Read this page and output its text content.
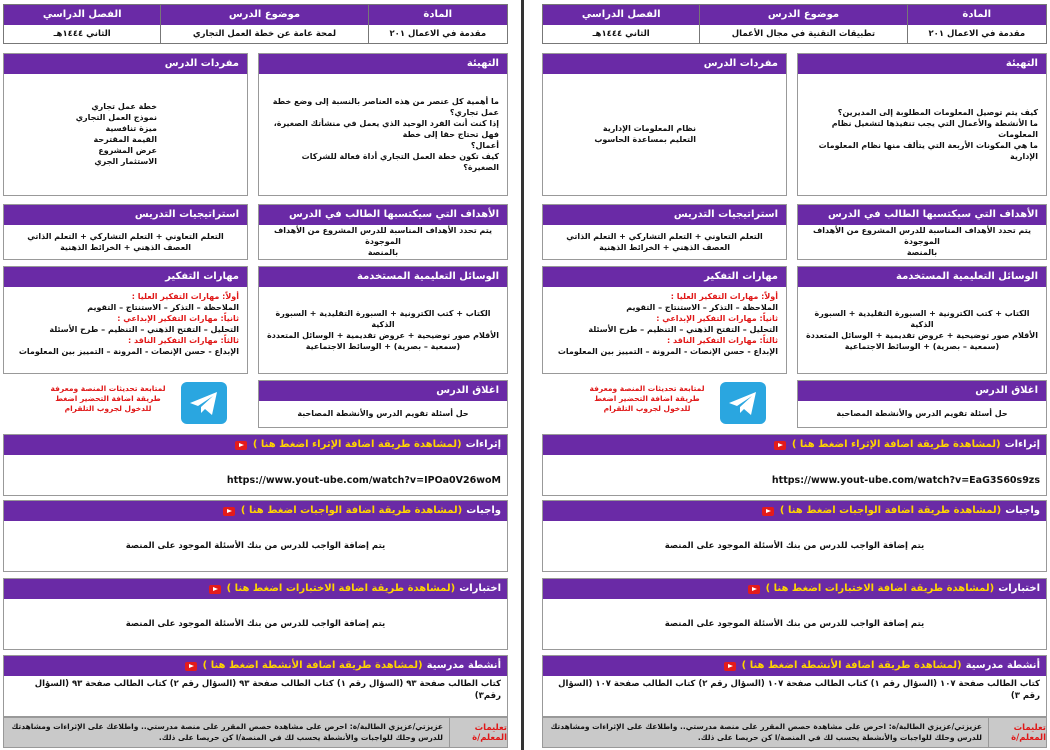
المادة
مقدمة في الاعمال ٢٠١
موضوع الدرس
لمحة عامة عن خطة العمل التجاري
الفصل الدراسي
الثاني ١٤٤٤هـ
التهيئة
ما أهمية كل عنصر من هذه العناصر بالنسبة إلى وضع خطة عمل تجاري؟
إذا كنت أنت الفرد الوحيد الذي يعمل في منشأتك الصغيرة، فهل تحتاج حقا إلى خطة
أعمال؟
كيف تكون خطة العمل التجاري أداة فعالة للشركات الصغيرة؟
مفردات الدرس
خطة عمل تجاري
نموذج العمل التجاري
ميزة تنافسية
القيمة المقترحة
عرض المشروع
الاستثمار الجري
الأهداف التي سيكتسبها الطالب في الدرس
يتم تحدد الأهداف المناسبة للدرس المشروع من الأهداف الموجودة
بالمنصة
استراتيجيات التدريس
التعلم التعاوني + التعلم التشاركي + التعلم الذاتي
العصف الذهني + الخرائط الذهنية
الوسائل التعليمية المستخدمة
الكتاب + كتب الكترونية + السبورة التقليدية + السبورة الذكية
الأقلام صور توضيحية + عروض تقديمية + الوسائل المتعددة
(سمعية – بصرية) + الوسائط الاجتماعية
مهارات التفكير
أولاً: مهارات التفكير العليا :
الملاحظة – التذكر – الاستنتاج – التقويم
ثانياً: مهارات التفكير الإبداعي :
التحليل – التفتح الذهني – التنظيم – طرح الأسئلة
ثالثاً: مهارات التفكير الناقد :
الإبداع - حسن الإنصات - المرونة – التمييز بين المعلومات
اغلاق الدرس
حل أسئلة تقويم الدرس والأنشطة المصاحبة
لمتابعة تحديثات المنصة ومعرفة طريقة اضافة التحضير اضغط للدخول لجروب التلقرام
إثراءات
(لمشاهدة طريقة اضافة الإثراء اضغط هنا )
https://www.yout-ube.com/watch?v=IPOa0V26woM
واجبات
(لمشاهدة طريقة اضافة الواجبات اضغط هنا )
يتم إضافة الواجب للدرس من بنك الأسئلة الموجود على المنصة
اختبارات
(لمشاهدة طريقة اضافة الاختبارات اضغط هنا )
يتم إضافة الواجب للدرس من بنك الأسئلة الموجود على المنصة
أنشطة مدرسية
(لمشاهدة طريقة اضافة الأنشطة اضغط هنا )
كتاب الطالب صفحة ٩٣ (السؤال رقم ١) كتاب الطالب صفحة ٩٣ (السؤال رقم ٢) كتاب الطالب صفحة ٩٣ (السؤال رقم٣)
تعليمات المعلم/ة
عزيزتي/عزيزي الطالبة/ة: احرص على مشاهدة حصص المقرر على منصة مدرستي.. واطلاعك على الإثراءات ومشاهدتك للدرس وحلك للواجبات والأنشطة يحسب لك في المنصة/ا كن حريصا على ذلك.
المادة
مقدمة في الاعمال ٢٠١
موضوع الدرس
تطبيقات التقنية في مجال الأعمال
الفصل الدراسي
الثاني ١٤٤٤هـ
التهيئة
كيف يتم توصيل المعلومات المطلوبة إلى المديرين؟
ما الأنشطة والأعمال التي يجب تنفيذها لتشغيل نظام المعلومات
ما هي المكونات الأربعة التي يتألف منها نظام المعلومات الإدارية
مفردات الدرس
نظام المعلومات الإدارية
التعليم بمساعدة الحاسوب
الأهداف التي سيكتسبها الطالب في الدرس
يتم تحدد الأهداف المناسبة للدرس المشروع من الأهداف الموجودة
بالمنصة
استراتيجيات التدريس
التعلم التعاوني + التعلم التشاركي + التعلم الذاتي
العصف الذهني + الخرائط الذهنية
الوسائل التعليمية المستخدمة
الكتاب + كتب الكترونية + السبورة التقليدية + السبورة الذكية
الأقلام صور توضيحية + عروض تقديمية + الوسائل المتعددة
(سمعية – بصرية) + الوسائط الاجتماعية
مهارات التفكير
أولاً: مهارات التفكير العليا :
الملاحظة – التذكر – الاستنتاج – التقويم
ثانياً: مهارات التفكير الإبداعي :
التحليل – التفتح الذهني – التنظيم – طرح الأسئلة
ثالثاً: مهارات التفكير الناقد :
الإبداع - حسن الإنصات - المرونة – التمييز بين المعلومات
اغلاق الدرس
حل أسئلة تقويم الدرس والأنشطة المصاحبة
لمتابعة تحديثات المنصة ومعرفة طريقة اضافة التحضير اضغط للدخول لجروب التلقرام
إثراءات
(لمشاهدة طريقة اضافة الإثراء اضغط هنا )
https://www.yout-ube.com/watch?v=EaG3S60s9zs
واجبات
(لمشاهدة طريقة اضافة الواجبات اضغط هنا )
يتم إضافة الواجب للدرس من بنك الأسئلة الموجود على المنصة
اختبارات
(لمشاهدة طريقة اضافة الاختبارات اضغط هنا )
يتم إضافة الواجب للدرس من بنك الأسئلة الموجود على المنصة
أنشطة مدرسية
(لمشاهدة طريقة اضافة الأنشطة اضغط هنا )
كتاب الطالب صفحة ١٠٧ (السؤال رقم ١) كتاب الطالب صفحة ١٠٧ (السؤال رقم ٢) كتاب الطالب صفحة ١٠٧ (السؤال رقم ٣)
تعليمات المعلم/ة
عزيزتي/عزيزي الطالبة/ة: احرص على مشاهدة حصص المقرر على منصة مدرستي.. واطلاعك على الإثراءات ومشاهدتك للدرس وحلك للواجبات والأنشطة يحسب لك في المنصة/ا كن حريصا على ذلك.
